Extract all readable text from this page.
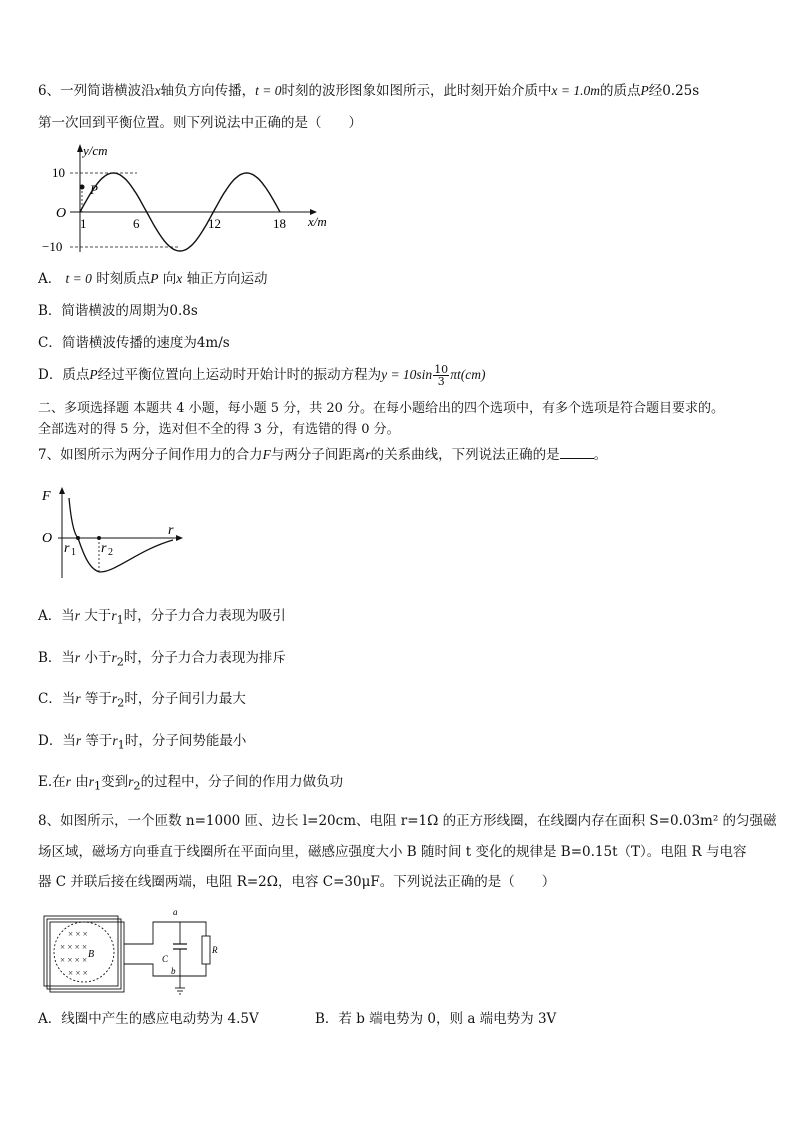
6、一列简谐横波沿x轴负方向传播，t = 0时刻的波形图象如图所示，此时刻开始介质中x = 1.0m的质点P经0.25s
第一次回到平衡位置。则下列说法中正确的是（　　）
y/cm
10
−10
O
P
1	6	12	18 x/m
A． t = 0 时刻质点P 向x 轴正方向运动
B．简谐横波的周期为0.8s
C．简谐横波传播的速度为4m/s
D．质点P经过平衡位置向上运动时开始计时的振动方程为$y = 10\sin \frac{10}{3} \pi t(cm)$
二、多项选择题 本题共 4 小题，每小题 5 分，共 20 分。在每小题给出的四个选项中，有多个选项是符合题目要求的。
全部选对的得 5 分，选对但不全的得 3 分，有选错的得 0 分。
7、如图所示为两分子间作用力的合力F与两分子间距离r的关系曲线，下列说法正确的是	。
F
O
r 1 r 2
r
A．当r 大于$r_1$时，分子力合力表现为吸引
B．当r 小于$r_2$时，分子力合力表现为排斥
C．当r 等于$r_2$时，分子间引力最大
D．当r 等于$r_1$时，分子间势能最小
E.在r 由$r_1$变到$r_2$的过程中，分子间的作用力做负功
8、如图所示，一个匝数 n=1000 匝、边长 l=20cm、电阻 r=1Ω 的正方形线圈，在线圈内存在面积 S=0.03m² 的匀强磁
场区域，磁场方向垂直于线圈所在平面向里，磁感应强度大小 B 随时间 t 变化的规律是 B=0.15t（T）。电阻 R 与电容
器 C 并联后接在线圈两端，电阻 R=2Ω，电容 C=30μF。下列说法正确的是（　　）
× × ×
× × × ×
× × × ×
× × ×
B
a
b
C
R
A．线圈中产生的感应电动势为 4.5V	B．若 b 端电势为 0，则 a 端电势为 3V
